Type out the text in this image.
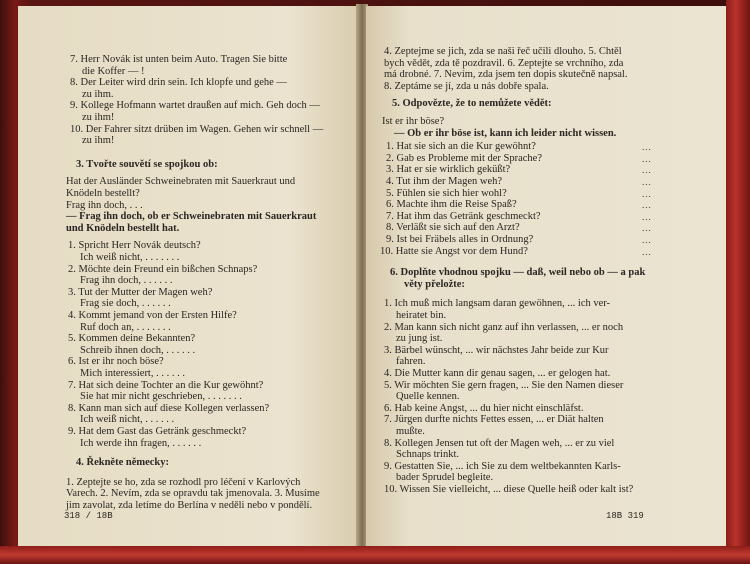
7. Herr Novák ist unten beim Auto. Tragen Sie bitte
die Koffer — !
8. Der Leiter wird drin sein. Ich klopfe und gehe —
zu ihm.
9. Kollege Hofmann wartet draußen auf mich. Geh doch —
zu ihm!
10. Der Fahrer sitzt drüben im Wagen. Gehen wir schnell —
zu ihm!
3. Tvořte souvětí se spojkou ob:
Hat der Ausländer Schweinebraten mit Sauerkraut und
Knödeln bestellt?
Frag ihn doch, . . .
— Frag ihn doch, ob er Schweinebraten mit Sauerkraut
und Knödeln bestellt hat.
1. Spricht Herr Novák deutsch?
Ich weiß nicht, . . . . . . .
2. Möchte dein Freund ein bißchen Schnaps?
Frag ihn doch, . . . . . .
3. Tut der Mutter der Magen weh?
Frag sie doch, . . . . . .
4. Kommt jemand von der Ersten Hilfe?
Ruf doch an, . . . . . . .
5. Kommen deine Bekannten?
Schreib ihnen doch, . . . . . .
6. Ist er ihr noch böse?
Mich interessiert, . . . . . .
7. Hat sich deine Tochter an die Kur gewöhnt?
Sie hat mir nicht geschrieben, . . . . . . .
8. Kann man sich auf diese Kollegen verlassen?
Ich weiß nicht, . . . . . .
9. Hat dem Gast das Getränk geschmeckt?
Ich werde ihn fragen, . . . . . .
4. Řekněte německy:
1. Zeptejte se ho, zda se rozhodl pro léčení v Karlových
Varech. 2. Nevím, zda se opravdu tak jmenovala. 3. Musíme
jim zavolat, zda letíme do Berlína v neděli nebo v pondělí.
318 / 18B
4. Zeptejme se jich, zda se naši řeč učili dlouho. 5. Chtěl
bych vědět, zda tě pozdravil. 6. Zeptejte se vrchního, zda
má drobné. 7. Nevím, zda jsem ten dopis skutečně napsal.
8. Zeptáme se jí, zda u nás dobře spala.
5. Odpovězte, že to nemůžete vědět:
Ist er ihr böse?
— Ob er ihr böse ist, kann ich leider nicht wissen.
1. Hat sie sich an die Kur gewöhnt?	...
2. Gab es Probleme mit der Sprache?	...
3. Hat er sie wirklich geküßt?	...
4. Tut ihm der Magen weh?	...
5. Fühlen sie sich hier wohl?	...
6. Machte ihm die Reise Spaß?	...
7. Hat ihm das Getränk geschmeckt?	...
8. Verläßt sie sich auf den Arzt?	...
9. Ist bei Fräbels alles in Ordnung?	...
10. Hatte sie Angst vor dem Hund?	...
6. Doplňte vhodnou spojku — daß, weil nebo ob — a pak
věty přeložte:
1. Ich muß mich langsam daran gewöhnen, ... ich ver-
heiratet bin.
2. Man kann sich nicht ganz auf ihn verlassen, ... er noch
zu jung ist.
3. Bärbel wünscht, ... wir nächstes Jahr beide zur Kur
fahren.
4. Die Mutter kann dir genau sagen, ... er gelogen hat.
5. Wir möchten Sie gern fragen, ... Sie den Namen dieser
Quelle kennen.
6. Hab keine Angst, ... du hier nicht einschläfst.
7. Jürgen durfte nichts Fettes essen, ... er Diät halten
mußte.
8. Kollegen Jensen tut oft der Magen weh, ... er zu viel
Schnaps trinkt.
9. Gestatten Sie, ... ich Sie zu dem weltbekannten Karls-
bader Sprudel begleite.
10. Wissen Sie vielleicht, ... diese Quelle heiß oder kalt ist?
18B 319
